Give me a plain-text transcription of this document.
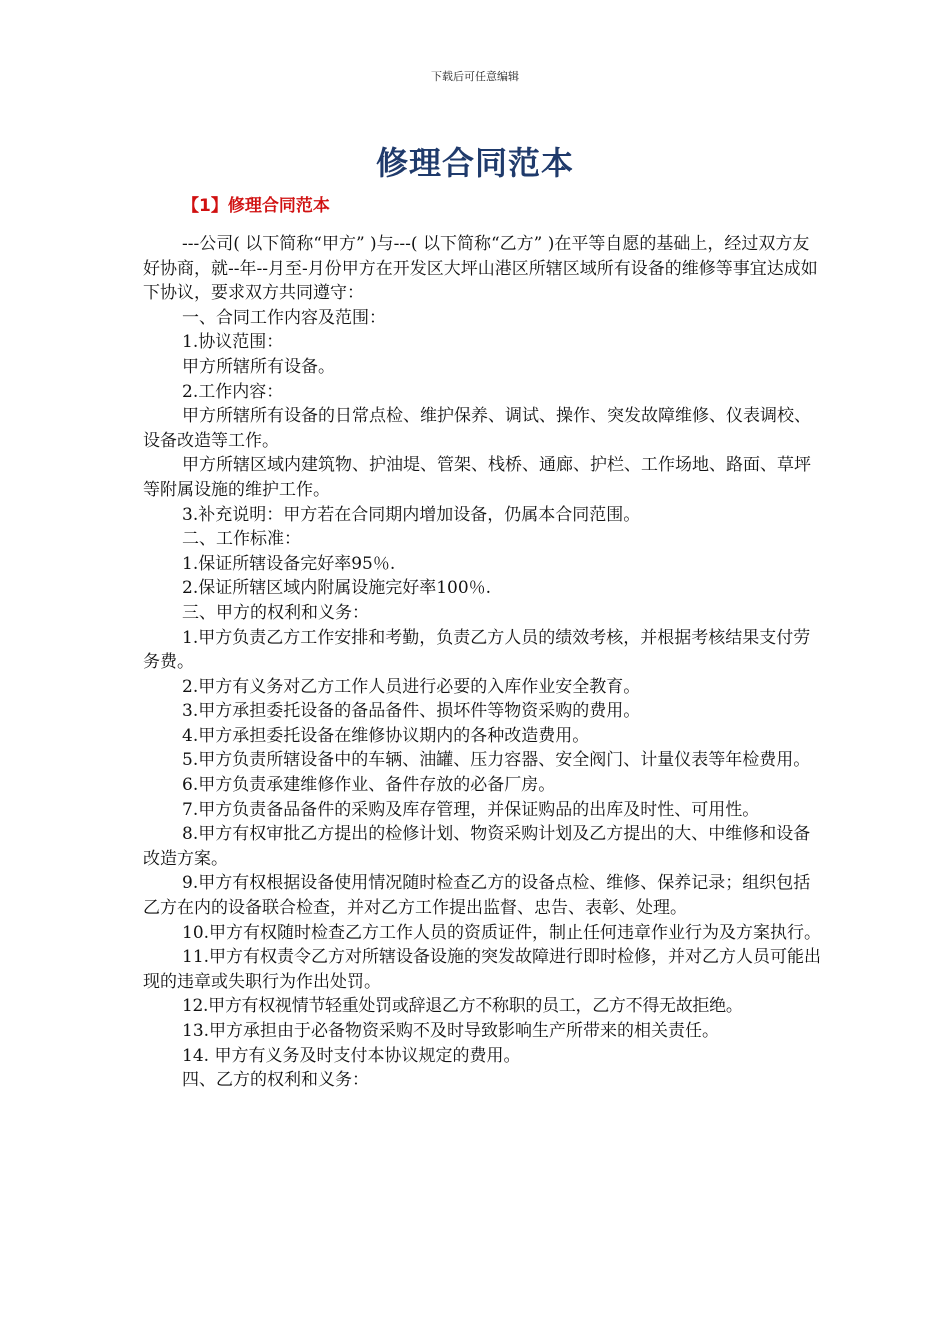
下载后可任意编辑
修理合同范本
【1】修理合同范本

---公司( 以下简称“甲方” )与---( 以下简称“乙方” )在平等自愿的基础上，经过双方友好协商，就--年--月至-月份甲方在开发区大坪山港区所辖区域所有设备的维修等事宜达成如下协议，要求双方共同遵守：

一、合同工作内容及范围：

1.协议范围：

甲方所辖所有设备。

2.工作内容：

甲方所辖所有设备的日常点检、维护保养、调试、操作、突发故障维修、仪表调校、设备改造等工作。

甲方所辖区域内建筑物、护油堤、管架、栈桥、通廊、护栏、工作场地、路面、草坪等附属设施的维护工作。

3.补充说明：甲方若在合同期内增加设备，仍属本合同范围。

二、工作标准：

1.保证所辖设备完好率95％.

2.保证所辖区域内附属设施完好率100％.

三、甲方的权利和义务：

1.甲方负责乙方工作安排和考勤，负责乙方人员的绩效考核，并根据考核结果支付劳务费。

2.甲方有义务对乙方工作人员进行必要的入库作业安全教育。

3.甲方承担委托设备的备品备件、损坏件等物资采购的费用。

4.甲方承担委托设备在维修协议期内的各种改造费用。

5.甲方负责所辖设备中的车辆、油罐、压力容器、安全阀门、计量仪表等年检费用。

6.甲方负责承建维修作业、备件存放的必备厂房。

7.甲方负责备品备件的采购及库存管理，并保证购品的出库及时性、可用性。

8.甲方有权审批乙方提出的检修计划、物资采购计划及乙方提出的大、中维修和设备改造方案。

9.甲方有权根据设备使用情况随时检查乙方的设备点检、维修、保养记录；组织包括乙方在内的设备联合检查，并对乙方工作提出监督、忠告、表彰、处理。

10.甲方有权随时检查乙方工作人员的资质证件，制止任何违章作业行为及方案执行。

11.甲方有权责令乙方对所辖设备设施的突发故障进行即时检修，并对乙方人员可能出现的违章或失职行为作出处罚。

12.甲方有权视情节轻重处罚或辞退乙方不称职的员工，乙方不得无故拒绝。

13.甲方承担由于必备物资采购不及时导致影响生产所带来的相关责任。

14. 甲方有义务及时支付本协议规定的费用。

四、乙方的权利和义务：
